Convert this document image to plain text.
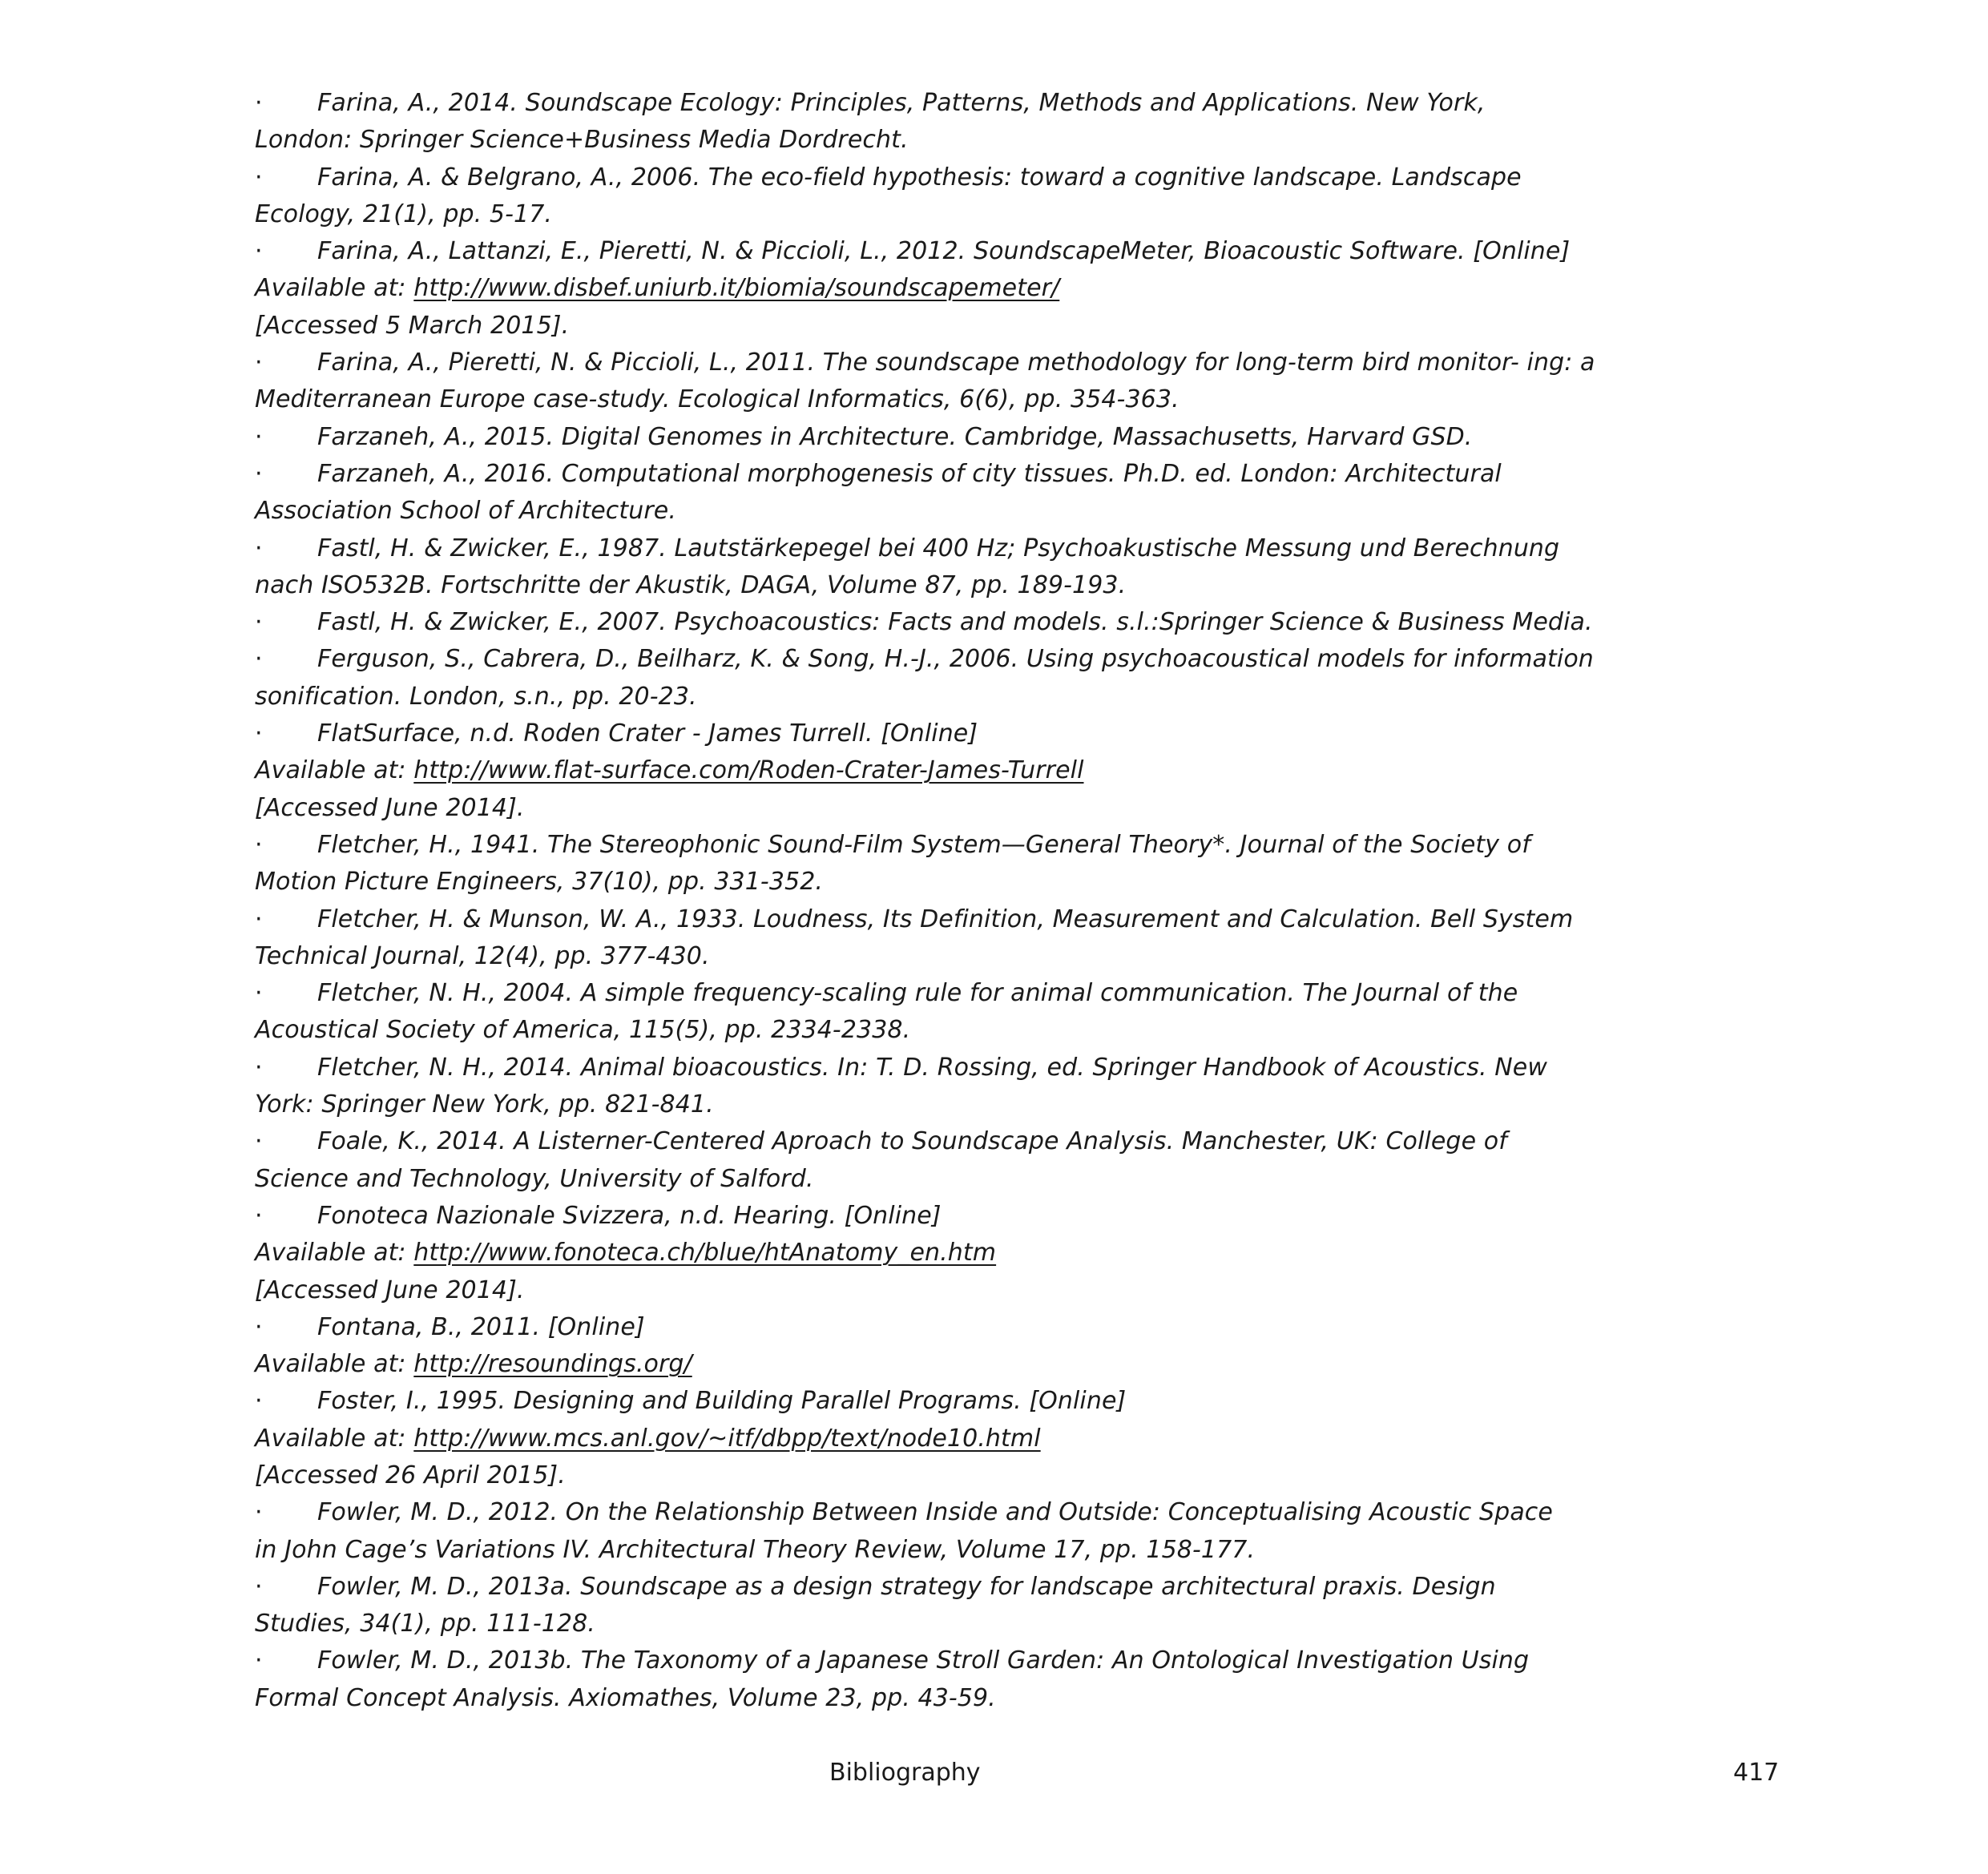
· Farina, A., 2014. Soundscape Ecology: Principles, Patterns, Methods and Applications. New York,
London: Springer Science+Business Media Dordrecht.
· Farina, A. & Belgrano, A., 2006. The eco-field hypothesis: toward a cognitive landscape. Landscape
Ecology, 21(1), pp. 5-17.
· Farina, A., Lattanzi, E., Pieretti, N. & Piccioli, L., 2012. SoundscapeMeter, Bioacoustic Software. [Online]
Available at: http://www.disbef.uniurb.it/biomia/soundscapemeter/
[Accessed 5 March 2015].
· Farina, A., Pieretti, N. & Piccioli, L., 2011. The soundscape methodology for long-term bird monitor- ing: a
Mediterranean Europe case-study. Ecological Informatics, 6(6), pp. 354-363.
· Farzaneh, A., 2015. Digital Genomes in Architecture. Cambridge, Massachusetts, Harvard GSD.
· Farzaneh, A., 2016. Computational morphogenesis of city tissues. Ph.D. ed. London: Architectural
Association School of Architecture.
· Fastl, H. & Zwicker, E., 1987. Lautstärkepegel bei 400 Hz; Psychoakustische Messung und Berechnung
nach ISO532B. Fortschritte der Akustik, DAGA, Volume 87, pp. 189-193.
· Fastl, H. & Zwicker, E., 2007. Psychoacoustics: Facts and models. s.l.:Springer Science & Business Media.
· Ferguson, S., Cabrera, D., Beilharz, K. & Song, H.-J., 2006. Using psychoacoustical models for information
sonification. London, s.n., pp. 20-23.
· FlatSurface, n.d. Roden Crater - James Turrell. [Online]
Available at: http://www.flat-surface.com/Roden-Crater-James-Turrell
[Accessed June 2014].
· Fletcher, H., 1941. The Stereophonic Sound-Film System—General Theory*. Journal of the Society of
Motion Picture Engineers, 37(10), pp. 331-352.
· Fletcher, H. & Munson, W. A., 1933. Loudness, Its Definition, Measurement and Calculation. Bell System
Technical Journal, 12(4), pp. 377-430.
· Fletcher, N. H., 2004. A simple frequency-scaling rule for animal communication. The Journal of the
Acoustical Society of America, 115(5), pp. 2334-2338.
· Fletcher, N. H., 2014. Animal bioacoustics. In: T. D. Rossing, ed. Springer Handbook of Acoustics. New
York: Springer New York, pp. 821-841.
· Foale, K., 2014. A Listerner-Centered Aproach to Soundscape Analysis. Manchester, UK: College of
Science and Technology, University of Salford.
· Fonoteca Nazionale Svizzera, n.d. Hearing. [Online]
Available at: http://www.fonoteca.ch/blue/htAnatomy_en.htm
[Accessed June 2014].
· Fontana, B., 2011. [Online]
Available at: http://resoundings.org/
· Foster, I., 1995. Designing and Building Parallel Programs. [Online]
Available at: http://www.mcs.anl.gov/~itf/dbpp/text/node10.html
[Accessed 26 April 2015].
· Fowler, M. D., 2012. On the Relationship Between Inside and Outside: Conceptualising Acoustic Space
in John Cage’s Variations IV. Architectural Theory Review, Volume 17, pp. 158-177.
· Fowler, M. D., 2013a. Soundscape as a design strategy for landscape architectural praxis. Design
Studies, 34(1), pp. 111-128.
· Fowler, M. D., 2013b. The Taxonomy of a Japanese Stroll Garden: An Ontological Investigation Using
Formal Concept Analysis. Axiomathes, Volume 23, pp. 43-59.
Bibliography	417
